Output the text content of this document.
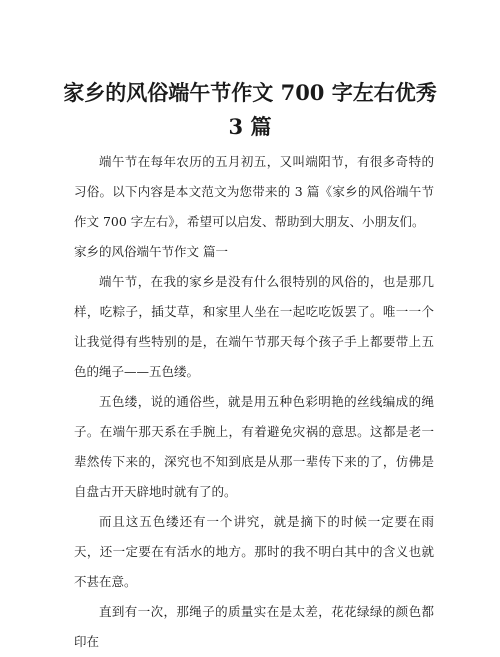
家乡的风俗端午节作文 700 字左右优秀 3 篇

端午节在每年农历的五月初五，又叫端阳节，有很多奇特的习俗。以下内容是本文范文为您带来的 3 篇《家乡的风俗端午节作文 700 字左右》，希望可以启发、帮助到大朋友、小朋友们。

家乡的风俗端午节作文 篇一

端午节，在我的家乡是没有什么很特别的风俗的，也是那几样，吃粽子，插艾草，和家里人坐在一起吃吃饭罢了。唯一一个让我觉得有些特别的是，在端午节那天每个孩子手上都要带上五色的绳子——五色缕。

五色缕，说的通俗些，就是用五种色彩明艳的丝线编成的绳子。在端午那天系在手腕上，有着避免灾祸的意思。这都是老一辈然传下来的，深究也不知到底是从那一辈传下来的了，仿佛是自盘古开天辟地时就有了的。

而且这五色缕还有一个讲究，就是摘下的时候一定要在雨天，还一定要在有活水的地方。那时的我不明白其中的含义也就不甚在意。

直到有一次，那绳子的质量实在是太差，花花绿绿的颜色都印在
